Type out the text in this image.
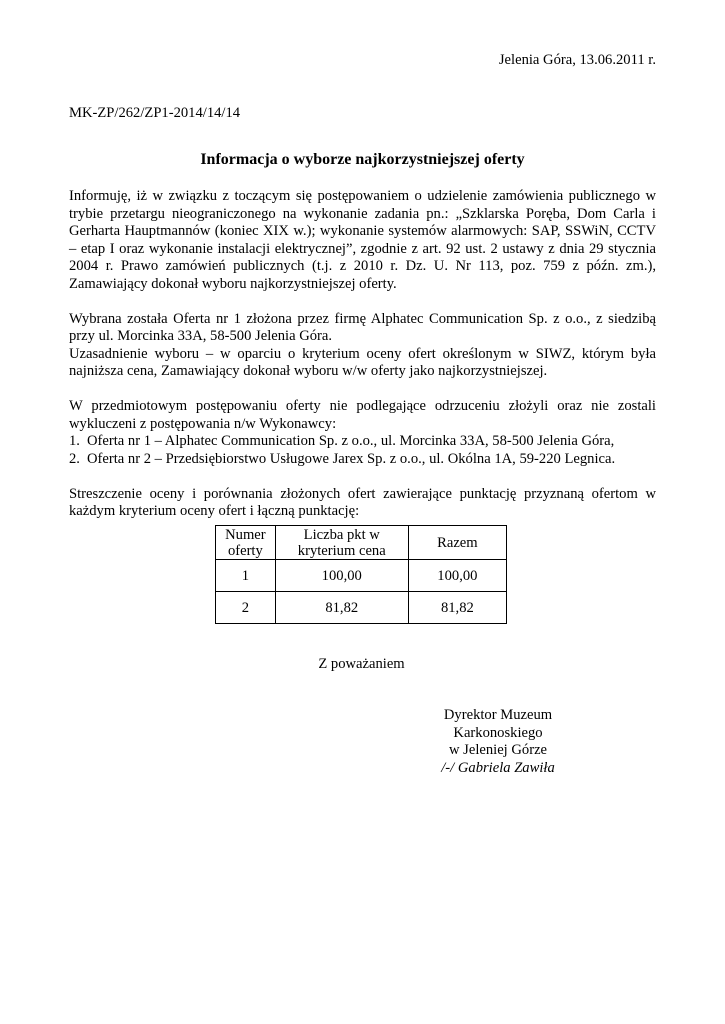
Jelenia Góra, 13.06.2011 r.
MK-ZP/262/ZP1-2014/14/14
Informacja o wyborze najkorzystniejszej oferty

Informuję, iż w związku z toczącym się postępowaniem o udzielenie zamówienia publicznego w trybie przetargu nieograniczonego na wykonanie zadania pn.: „Szklarska Poręba, Dom Carla i Gerharta Hauptmannów (koniec XIX w.); wykonanie systemów alarmowych: SAP, SSWiN, CCTV – etap I oraz wykonanie instalacji elektrycznej”, zgodnie z art. 92 ust. 2 ustawy z dnia 29 stycznia 2004 r. Prawo zamówień publicznych (t.j. z 2010 r. Dz. U. Nr 113, poz. 759 z późn. zm.), Zamawiający dokonał wyboru najkorzystniejszej oferty.

Wybrana została Oferta nr 1 złożona przez firmę Alphatec Communication Sp. z o.o., z siedzibą przy ul. Morcinka 33A, 58-500 Jelenia Góra.

Uzasadnienie wyboru – w oparciu o kryterium oceny ofert określonym w SIWZ, którym była najniższa cena, Zamawiający dokonał wyboru w/w oferty jako najkorzystniejszej.

W przedmiotowym postępowaniu oferty nie podlegające odrzuceniu złożyli oraz nie zostali wykluczeni z postępowania n/w Wykonawcy:

1. Oferta nr 1 – Alphatec Communication Sp. z o.o., ul. Morcinka 33A, 58-500 Jelenia Góra,
2. Oferta nr 2 – Przedsiębiorstwo Usługowe Jarex Sp. z o.o., ul. Okólna 1A, 59-220 Legnica.

Streszczenie oceny i porównania złożonych ofert zawierające punktację przyznaną ofertom w każdym kryterium oceny ofert i łączną punktację:

Numer oferty	Liczba pkt w kryterium cena	Razem
1	100,00	100,00
2	81,82	81,82
Z poważaniem
Dyrektor Muzeum Karkonoskiego
w Jeleniej Górze
/-/ Gabriela Zawiła
